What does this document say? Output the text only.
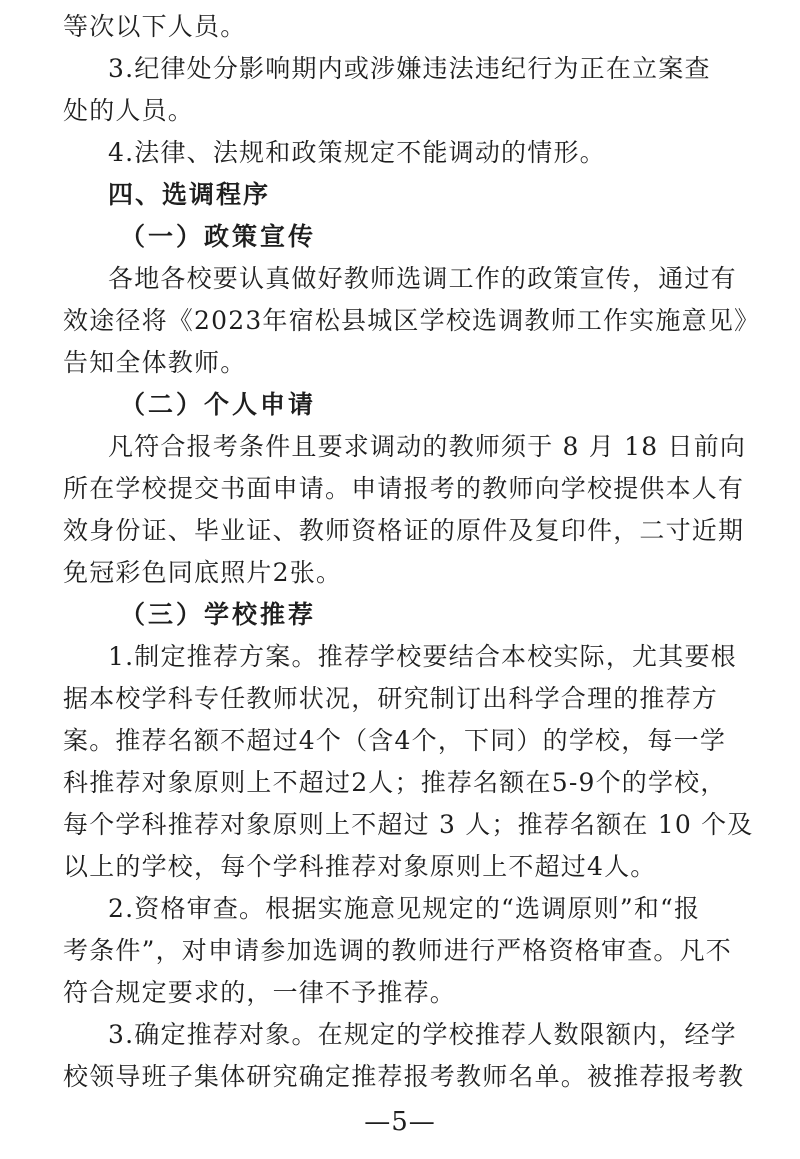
等次以下人员。
3.纪律处分影响期内或涉嫌违法违纪行为正在立案查
处的人员。
4.法律、法规和政策规定不能调动的情形。
四、选调程序
（一）政策宣传
各地各校要认真做好教师选调工作的政策宣传，通过有
效途径将《2023年宿松县城区学校选调教师工作实施意见》
告知全体教师。
（二）个人申请
凡符合报考条件且要求调动的教师须于 8 月 18 日前向
所在学校提交书面申请。申请报考的教师向学校提供本人有
效身份证、毕业证、教师资格证的原件及复印件，二寸近期
免冠彩色同底照片2张。
（三）学校推荐
1.制定推荐方案。推荐学校要结合本校实际，尤其要根
据本校学科专任教师状况，研究制订出科学合理的推荐方
案。推荐名额不超过4个（含4个，下同）的学校，每一学
科推荐对象原则上不超过2人；推荐名额在5-9个的学校，
每个学科推荐对象原则上不超过 3 人；推荐名额在 10 个及
以上的学校，每个学科推荐对象原则上不超过4人。
2.资格审查。根据实施意见规定的“选调原则”和“报
考条件”，对申请参加选调的教师进行严格资格审查。凡不
符合规定要求的，一律不予推荐。
3.确定推荐对象。在规定的学校推荐人数限额内，经学
校领导班子集体研究确定推荐报考教师名单。被推荐报考教
—5—
